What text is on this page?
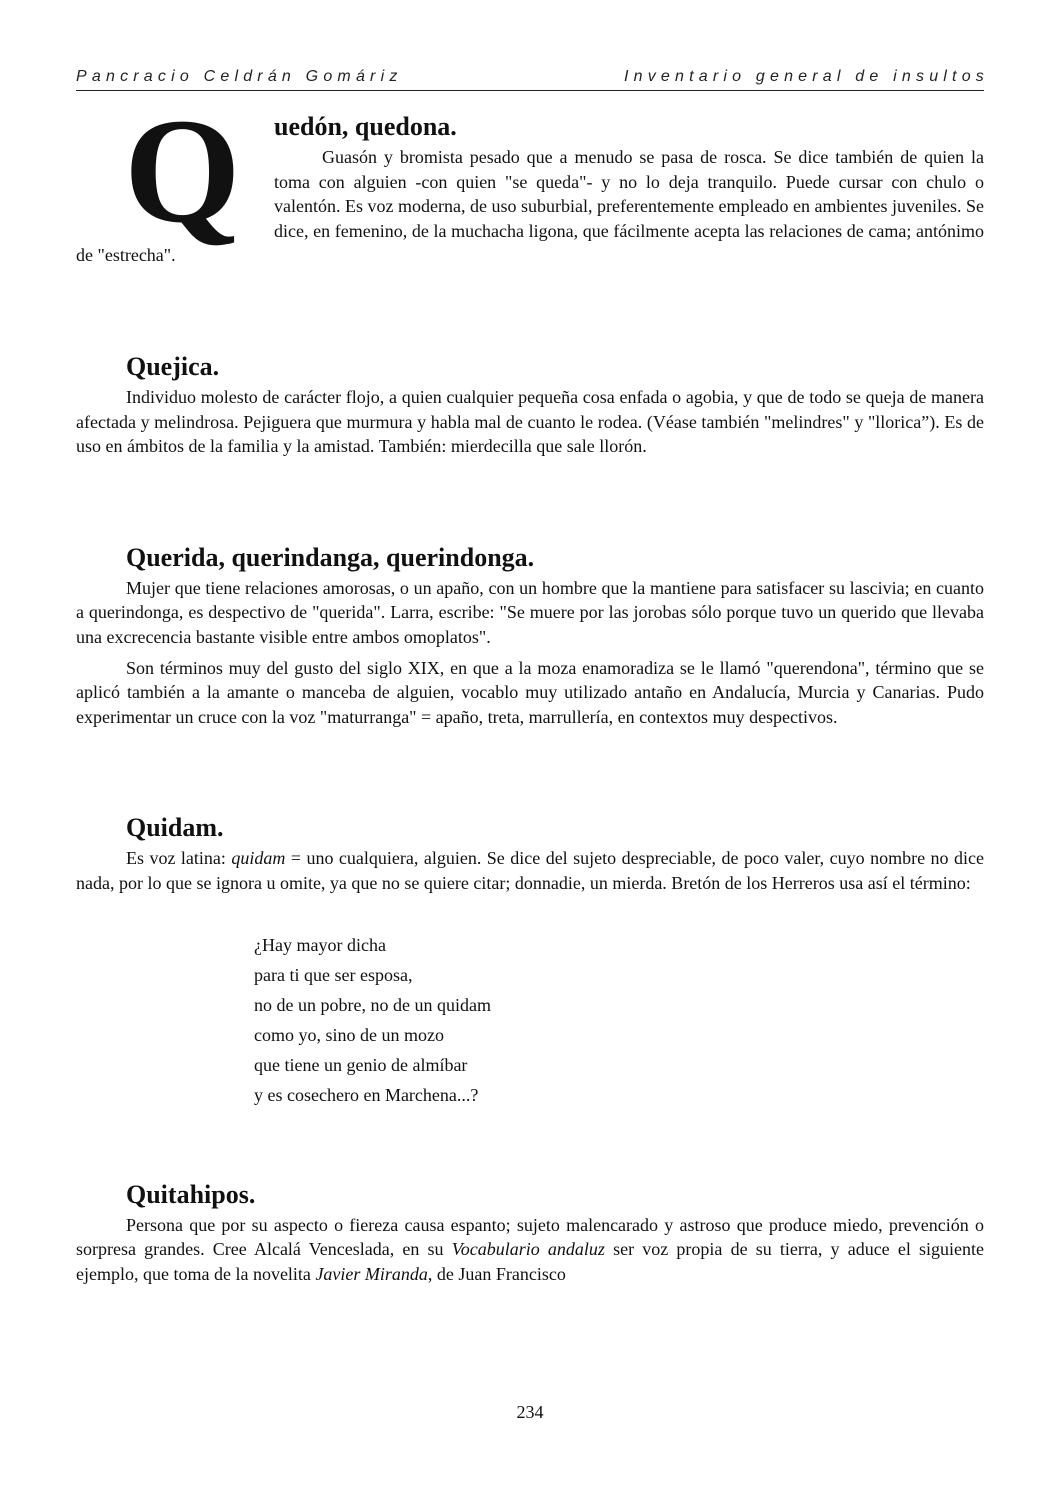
Pancracio Celdrán Gomáriz	Inventario general de insultos
Q	uedón, quedona.

Guasón y bromista pesado que a menudo se pasa de rosca. Se dice también de quien la toma con alguien -con quien "se queda"- y no lo deja tranquilo. Puede cursar con chulo o valentón. Es voz moderna, de uso suburbial, preferentemente empleado en ambientes juveniles. Se dice, en femenino, de la muchacha ligona, que fácilmente acepta las relaciones de cama; antónimo de "estrecha".

Quejica.

Individuo molesto de carácter flojo, a quien cualquier pequeña cosa enfada o agobia, y que de todo se queja de manera afectada y melindrosa. Pejiguera que murmura y habla mal de cuanto le rodea. (Véase también "melindres" y "llorica”). Es de uso en ámbitos de la familia y la amistad. También: mierdecilla que sale llorón.

Querida, querindanga, querindonga.

Mujer que tiene relaciones amorosas, o un apaño, con un hombre que la mantiene para satisfacer su lascivia; en cuanto a querindonga, es despectivo de "querida". Larra, escribe: "Se muere por las jorobas sólo porque tuvo un querido que llevaba una excrecencia bastante visible entre ambos omoplatos".

Son términos muy del gusto del siglo XIX, en que a la moza enamoradiza se le llamó "querendona", término que se aplicó también a la amante o manceba de alguien, vocablo muy utilizado antaño en Andalucía, Murcia y Canarias. Pudo experimentar un cruce con la voz "maturranga" = apaño, treta, marrullería, en contextos muy despectivos.

Quidam.

Es voz latina: quidam = uno cualquiera, alguien. Se dice del sujeto despreciable, de poco valer, cuyo nombre no dice nada, por lo que se ignora u omite, ya que no se quiere citar; donnadie, un mierda. Bretón de los Herreros usa así el término:

¿Hay mayor dicha
para ti que ser esposa,
no de un pobre, no de un quidam
como yo, sino de un mozo
que tiene un genio de almíbar
y es cosechero en Marchena...?
Quitahipos.

Persona que por su aspecto o fiereza causa espanto; sujeto malencarado y astroso que produce miedo, prevención o sorpresa grandes. Cree Alcalá Venceslada, en su Vocabulario andaluz ser voz propia de su tierra, y aduce el siguiente ejemplo, que toma de la novelita Javier Miranda, de Juan Francisco

234
